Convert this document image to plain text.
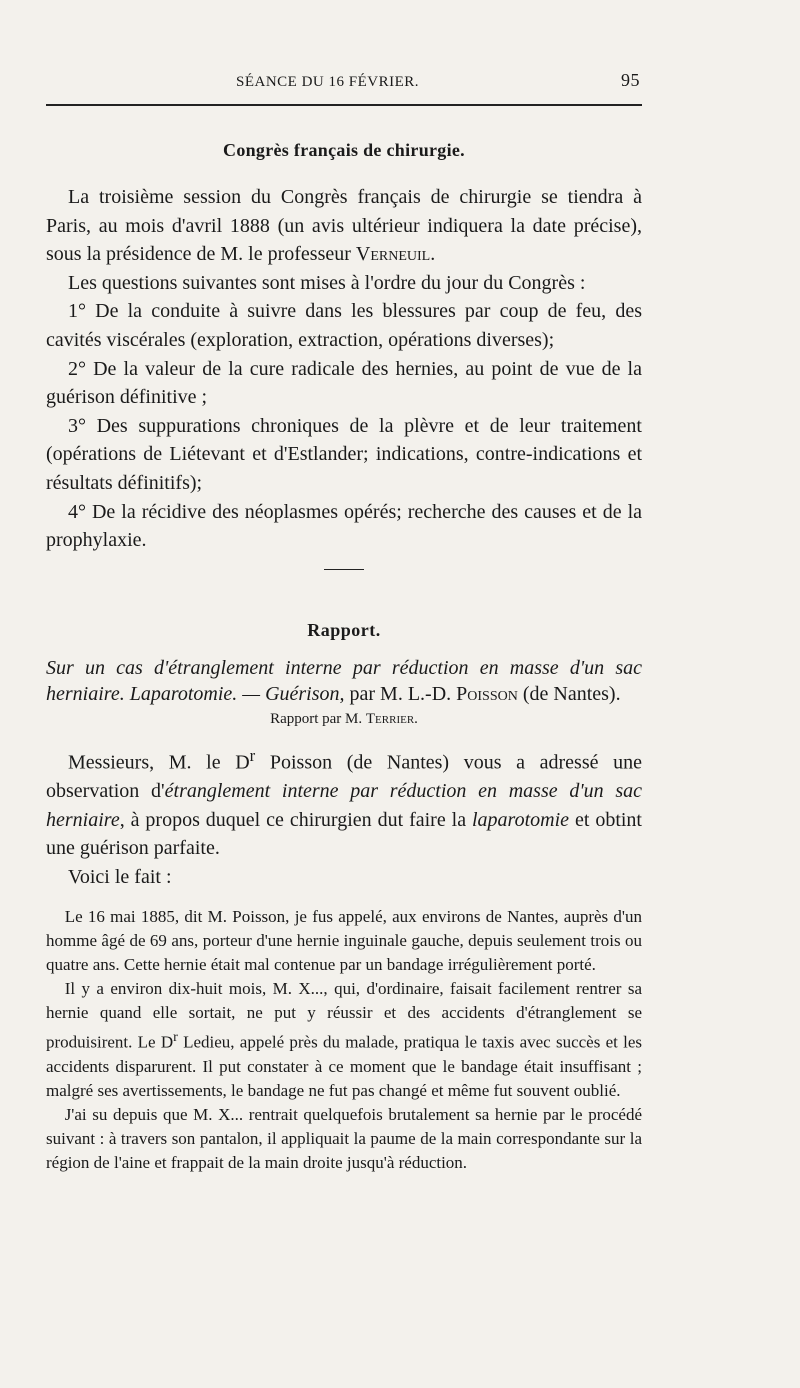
SÉANCE DU 16 FÉVRIER.	95
Congrès français de chirurgie.

La troisième session du Congrès français de chirurgie se tiendra à Paris, au mois d'avril 1888 (un avis ultérieur indiquera la date précise), sous la présidence de M. le professeur Verneuil.

Les questions suivantes sont mises à l'ordre du jour du Congrès :

1° De la conduite à suivre dans les blessures par coup de feu, des cavités viscérales (exploration, extraction, opérations diverses);

2° De la valeur de la cure radicale des hernies, au point de vue de la guérison définitive ;

3° Des suppurations chroniques de la plèvre et de leur traitement (opérations de Liétevant et d'Estlander; indications, contre-indications et résultats définitifs);

4° De la récidive des néoplasmes opérés; recherche des causes et de la prophylaxie.

Rapport.

Sur un cas d'étranglement interne par réduction en masse d'un sac herniaire. Laparotomie. — Guérison, par M. L.-D. Poisson (de Nantes).

Rapport par M. Terrier.

Messieurs, M. le $D^r$ Poisson (de Nantes) vous a adressé une observation d'étranglement interne par réduction en masse d'un sac herniaire, à propos duquel ce chirurgien dut faire la laparotomie et obtint une guérison parfaite.

Voici le fait :

Le 16 mai 1885, dit M. Poisson, je fus appelé, aux environs de Nantes, auprès d'un homme âgé de 69 ans, porteur d'une hernie inguinale gauche, depuis seulement trois ou quatre ans. Cette hernie était mal contenue par un bandage irrégulièrement porté.

Il y a environ dix-huit mois, M. X..., qui, d'ordinaire, faisait facilement rentrer sa hernie quand elle sortait, ne put y réussir et des accidents d'étranglement se produisirent. Le $D^r$ Ledieu, appelé près du malade, pratiqua le taxis avec succès et les accidents disparurent. Il put constater à ce moment que le bandage était insuffisant ; malgré ses avertissements, le bandage ne fut pas changé et même fut souvent oublié.

J'ai su depuis que M. X... rentrait quelquefois brutalement sa hernie par le procédé suivant : à travers son pantalon, il appliquait la paume de la main correspondante sur la région de l'aine et frappait de la main droite jusqu'à réduction.
